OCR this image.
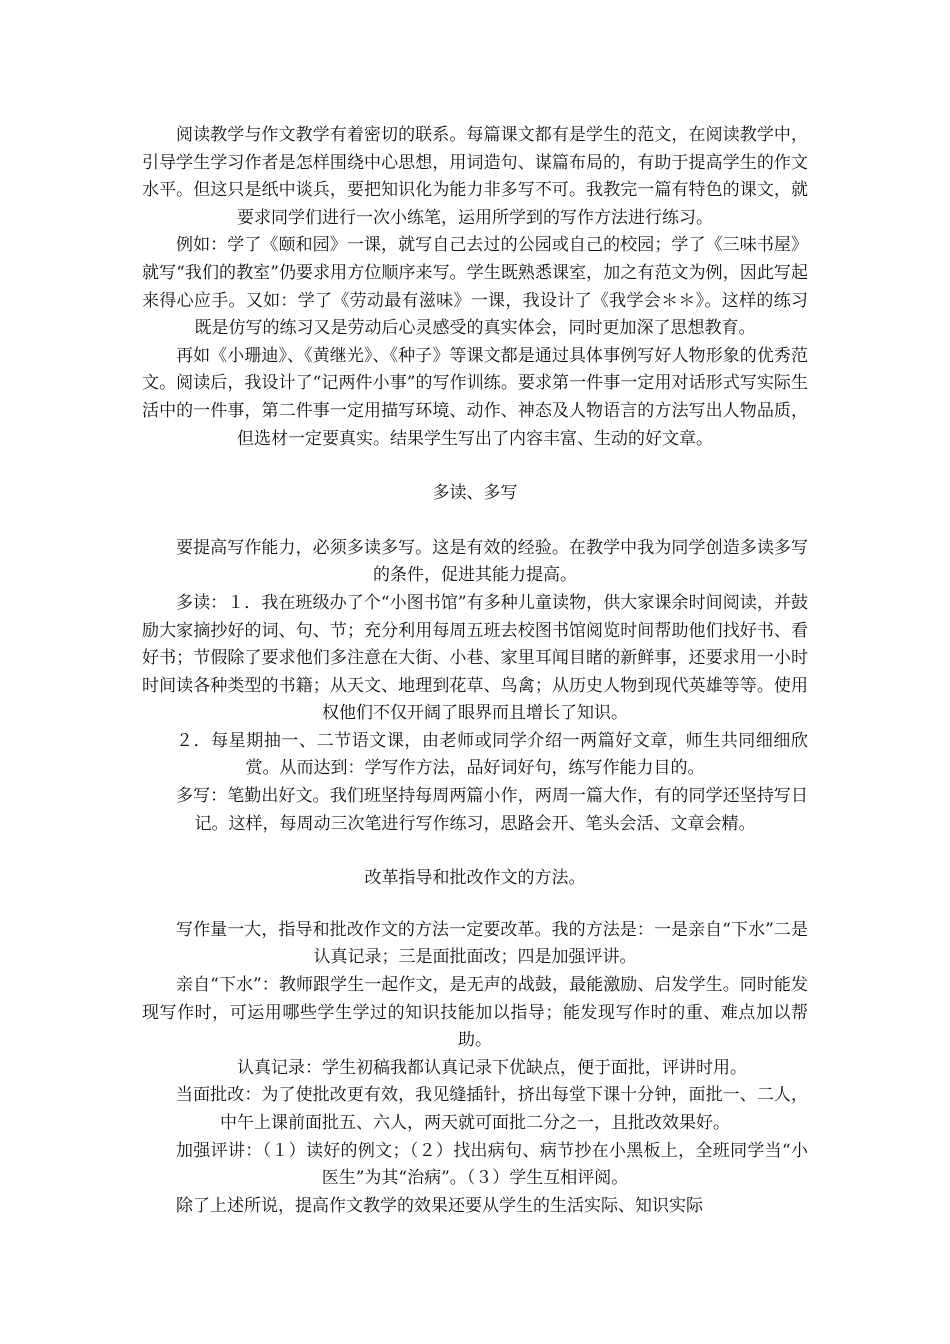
阅读教学与作文教学有着密切的联系。每篇课文都有是学生的范文，在阅读教学中，引导学生学习作者是怎样围绕中心思想，用词造句、谋篇布局的，有助于提高学生的作文水平。但这只是纸中谈兵，要把知识化为能力非多写不可。我教完一篇有特色的课文，就要求同学们进行一次小练笔，运用所学到的写作方法进行练习。

例如：学了《颐和园》一课，就写自己去过的公园或自己的校园；学了《三味书屋》就写“我们的教室”仍要求用方位顺序来写。学生既熟悉课室，加之有范文为例，因此写起来得心应手。又如：学了《劳动最有滋味》一课，我设计了《我学会＊＊》。这样的练习既是仿写的练习又是劳动后心灵感受的真实体会，同时更加深了思想教育。

再如《小珊迪》、《黄继光》、《种子》等课文都是通过具体事例写好人物形象的优秀范文。阅读后，我设计了“记两件小事”的写作训练。要求第一件事一定用对话形式写实际生活中的一件事，第二件事一定用描写环境、动作、神态及人物语言的方法写出人物品质，但选材一定要真实。结果学生写出了内容丰富、生动的好文章。

多读、多写

要提高写作能力，必须多读多写。这是有效的经验。在教学中我为同学创造多读多写的条件，促进其能力提高。

多读：１．我在班级办了个“小图书馆”有多种儿童读物，供大家课余时间阅读，并鼓励大家摘抄好的词、句、节；充分利用每周五班去校图书馆阅览时间帮助他们找好书、看好书；节假除了要求他们多注意在大街、小巷、家里耳闻目睹的新鲜事，还要求用一小时时间读各种类型的书籍；从天文、地理到花草、鸟禽；从历史人物到现代英雄等等。使用权他们不仅开阔了眼界而且增长了知识。

２．每星期抽一、二节语文课，由老师或同学介绍一两篇好文章，师生共同细细欣赏。从而达到：学写作方法，品好词好句，练写作能力目的。

多写：笔勤出好文。我们班坚持每周两篇小作，两周一篇大作，有的同学还坚持写日记。这样，每周动三次笔进行写作练习，思路会开、笔头会活、文章会精。

改革指导和批改作文的方法。

写作量一大，指导和批改作文的方法一定要改革。我的方法是：一是亲自“下水”二是认真记录；三是面批面改；四是加强评讲。

亲自“下水”：教师跟学生一起作文，是无声的战鼓，最能激励、启发学生。同时能发现写作时，可运用哪些学生学过的知识技能加以指导；能发现写作时的重、难点加以帮助。

认真记录：学生初稿我都认真记录下优缺点，便于面批，评讲时用。

当面批改：为了使批改更有效，我见缝插针，挤出每堂下课十分钟，面批一、二人，中午上课前面批五、六人，两天就可面批二分之一，且批改效果好。

加强评讲：（１）读好的例文；（２）找出病句、病节抄在小黑板上，全班同学当“小医生”为其“治病”。（３）学生互相评阅。

除了上述所说，提高作文教学的效果还要从学生的生活实际、知识实际
